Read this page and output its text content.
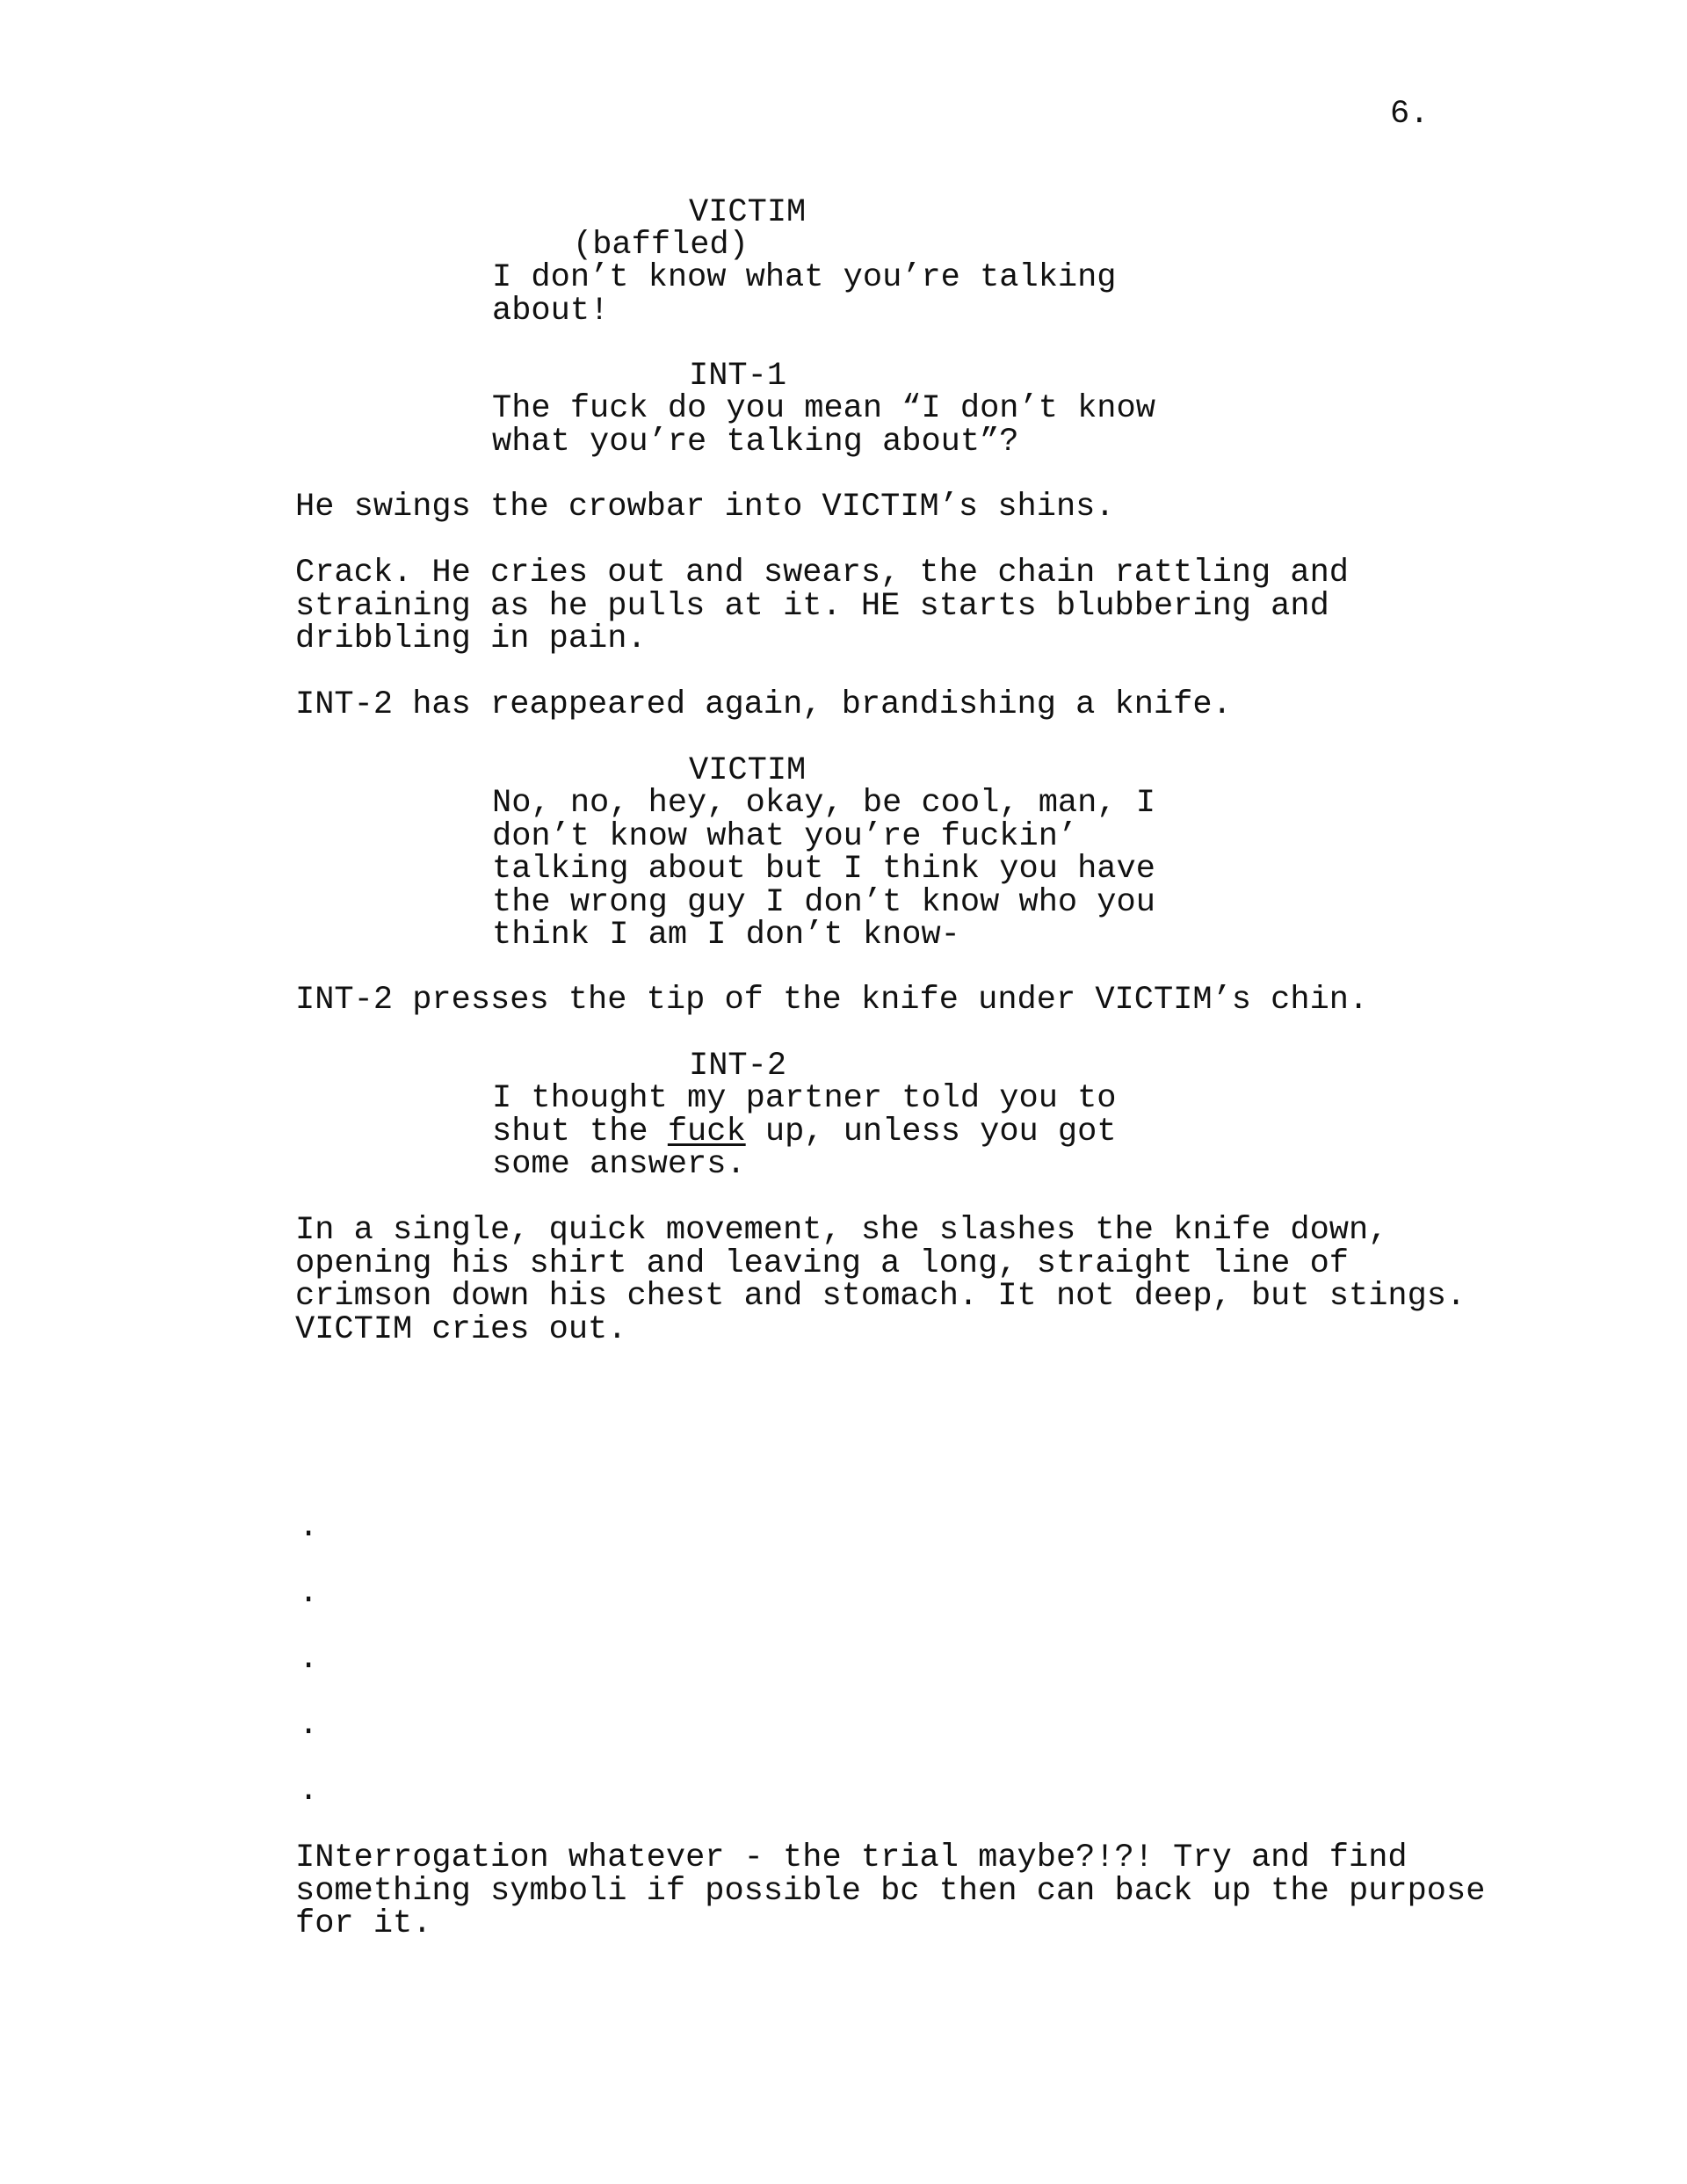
6.
VICTIM
(baffled)
I don’t know what you’re talking
about!
INT-1
The fuck do you mean “I don’t know
what you’re talking about”?
He swings the crowbar into VICTIM’s shins.
Crack. He cries out and swears, the chain rattling and
straining as he pulls at it. HE starts blubbering and
dribbling in pain.
INT-2 has reappeared again, brandishing a knife.
VICTIM
No, no, hey, okay, be cool, man, I
don’t know what you’re fuckin’
talking about but I think you have
the wrong guy I don’t know who you
think I am I don’t know-
INT-2 presses the tip of the knife under VICTIM’s chin.
INT-2
I thought my partner told you to
shut the fuck up, unless you got
some answers.
In a single, quick movement, she slashes the knife down,
opening his shirt and leaving a long, straight line of
crimson down his chest and stomach. It not deep, but stings.
VICTIM cries out.
.
.
.
.
.
INterrogation whatever - the trial maybe?!?! Try and find
something symboli if possible bc then can back up the purpose
for it.
